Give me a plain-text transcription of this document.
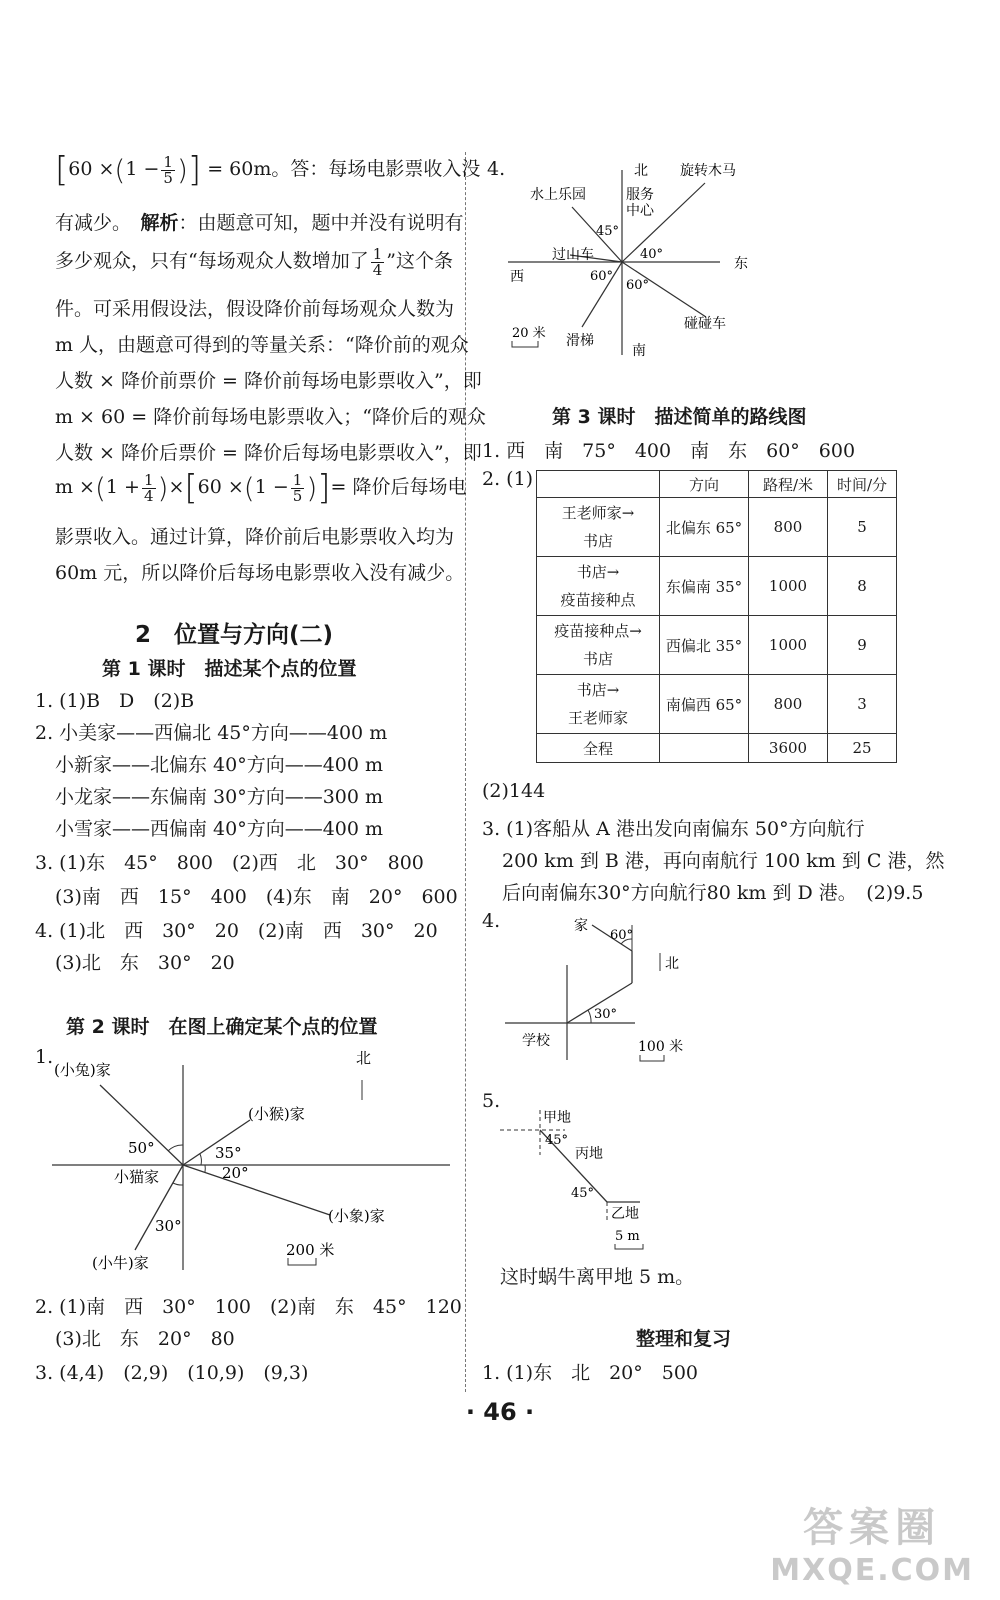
[$60 \times(1 - \frac{1}{5}$ )] = 60m。答：每场电影票收入没
有减少。　 解析：由题意可知，题中并没有说明有
多少观众，只有“每场观众人数增加了 $\frac{1}{4}$ ”这个条
件。可采用假设法，假设降价前每场观众人数为
m 人，由题意可得到的等量关系：“降价前的观众
人数 × 降价前票价 = 降价前每场电影票收入”，即
m × 60 = 降价前每场电影票收入；“降价后的观众
人数 × 降价后票价 = 降价后每场电影票收入”，即
$m \times(1 + \frac{1}{4} )\times[60 \times(1 - \frac{1}{5}$ )]= 降价后每场电
影票收入。通过计算，降价前后电影票收入均为
60m 元，所以降价后每场电影票收入没有减少。
2　位置与方向(二)
第 1 课时　描述某个点的位置
1. (1)B　D　(2)B
2. 小美家——西偏北 45°方向——400 m
小新家——北偏东 40°方向——400 m
小龙家——东偏南 30°方向——300 m
小雪家——西偏南 40°方向——400 m
3. (1)东　45°　800　(2)西　北　30°　800
(3)南　西　15°　400　(4)东　南　20°　600
4. (1)北　西　30°　20　(2)南　西　30°　20
(3)北　东　30°　20
第 2 课时　在图上确定某个点的位置
1.	北
(小兔)家
(小猴)家
小猫家
(小象)家
(小牛)家
50°	35°
20°
30°
200 米
2. (1)南　西　30°　100　(2)南　东　45°　120
(3)北　东　20°　80
3. (4,4)　(2,9)　(10,9)　(9,3)
4.	北
南
东
西
旋转木马
水上乐园	服务
中心
过山车
滑梯
碰碰车
45°
40°
60°
60°
20 米
第 3 课时　描述简单的路线图
1. 西　南　75°　400　南　东　60°　600
2. (1)
		方向	路程/米	时间/分
王老师家→
书店	北偏东 65°	800	5
书店→
疫苗接种点	东偏南 35°	1000	8
疫苗接种点→
书店	西偏北 35°	1000	9
书店→
王老师家	南偏西 65°	800	3
全程		3600	25
(2)144
3. (1)客船从 A 港出发向南偏东 50°方向航行
200 km 到 B 港，再向南航行 100 km 到 C 港，然
后向南偏东30°方向航行80 km 到 D 港。　(2)9.5
4.	家
学校
北
60°
30°
100 米
5.
甲地
丙地
乙地
45°
45°
5 m
这时蜗牛离甲地 5 m。
整理和复习
1. (1)东　北　20°　500
· 46 ·
答案圈
MXQE.COM
